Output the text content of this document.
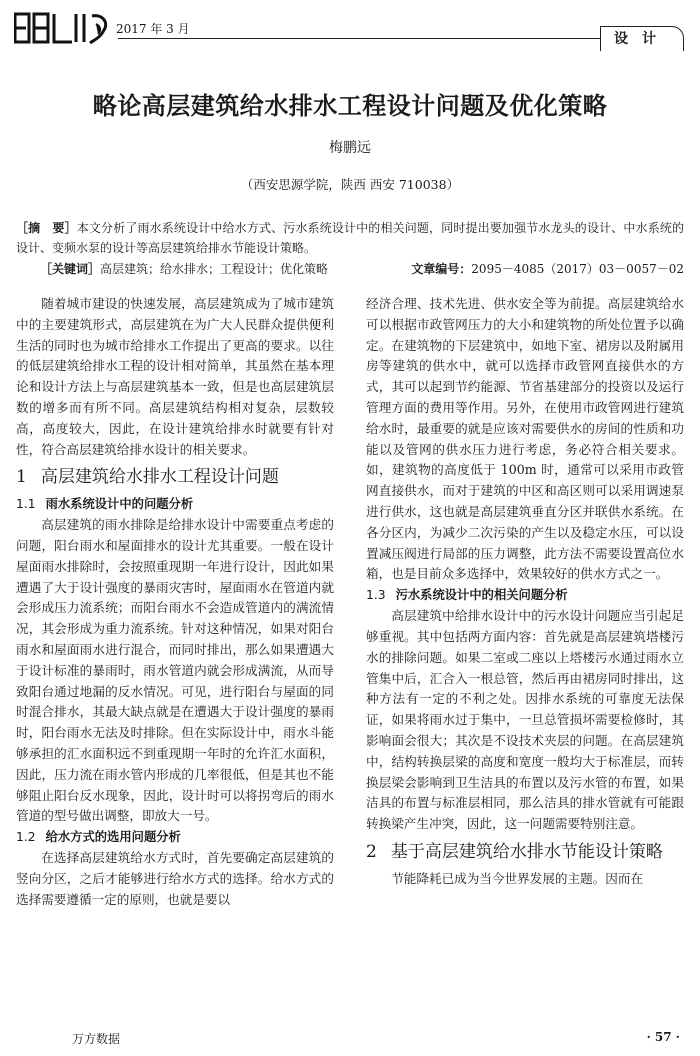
2017 年 3 月
设计
略论高层建筑给水排水工程设计问题及优化策略
梅鹏远
（西安思源学院，陕西 西安 710038）
［摘　要］本文分析了雨水系统设计中给水方式、污水系统设计中的相关问题，同时提出要加强节水龙头的设计、中水系统的设计、变频水泵的设计等高层建筑给排水节能设计策略。
［关键词］高层建筑；给水排水；工程设计；优化策略	文章编号：2095－4085（2017）03－0057－02

随着城市建设的快速发展，高层建筑成为了城市建筑中的主要建筑形式，高层建筑在为广大人民群众提供便利生活的同时也为城市给排水工作提出了更高的要求。以往的低层建筑给排水工程的设计相对简单，其虽然在基本理论和设计方法上与高层建筑基本一致，但是也高层建筑层数的增多而有所不同。高层建筑结构相对复杂，层数较高，高度较大，因此，在设计建筑给排水时就要有针对性，符合高层建筑给排水设计的相关要求。

1 高层建筑给水排水工程设计问题
1.1 雨水系统设计中的问题分析

高层建筑的雨水排除是给排水设计中需要重点考虑的问题，阳台雨水和屋面排水的设计尤其重要。一般在设计屋面雨水排除时，会按照重现期一年进行设计，因此如果遭遇了大于设计强度的暴雨灾害时，屋面雨水在管道内就会形成压力流系统；而阳台雨水不会造成管道内的满流情况，其会形成为重力流系统。针对这种情况，如果对阳台雨水和屋面雨水进行混合，而同时排出，那么如果遭遇大于设计标准的暴雨时，雨水管道内就会形成满流，从而导致阳台通过地漏的反水情况。可见，进行阳台与屋面的同时混合排水，其最大缺点就是在遭遇大于设计强度的暴雨时，阳台雨水无法及时排除。但在实际设计中，雨水斗能够承担的汇水面积远不到重现期一年时的允许汇水面积，因此，压力流在雨水管内形成的几率很低，但是其也不能够阻止阳台反水现象，因此，设计时可以将拐弯后的雨水管道的型号做出调整，即放大一号。

1.2 给水方式的选用问题分析

在选择高层建筑给水方式时，首先要确定高层建筑的竖向分区，之后才能够进行给水方式的选择。给水方式的选择需要遵循一定的原则，也就是要以

经济合理、技术先进、供水安全等为前提。高层建筑给水可以根据市政管网压力的大小和建筑物的所处位置予以确定。在建筑物的下层建筑中，如地下室、裙房以及附属用房等建筑的供水中，就可以选择市政管网直接供水的方式，其可以起到节约能源、节省基建部分的投资以及运行管理方面的费用等作用。另外，在使用市政管网进行建筑给水时，最重要的就是应该对需要供水的房间的性质和功能以及管网的供水压力进行考虑，务必符合相关要求。如，建筑物的高度低于 100m 时，通常可以采用市政管网直接供水，而对于建筑的中区和高区则可以采用调速泵进行供水，这也就是高层建筑垂直分区并联供水系统。在各分区内，为减少二次污染的产生以及稳定水压，可以设置减压阀进行局部的压力调整，此方法不需要设置高位水箱，也是目前众多选择中，效果较好的供水方式之一。

1.3 污水系统设计中的相关问题分析

高层建筑中给排水设计中的污水设计问题应当引起足够重视。其中包括两方面内容：首先就是高层建筑塔楼污水的排除问题。如果二室或二座以上塔楼污水通过雨水立管集中后，汇合入一根总管，然后再由裙房同时排出，这种方法有一定的不利之处。因排水系统的可靠度无法保证，如果将雨水过于集中，一旦总管损坏需要检修时，其影响面会很大；其次是不设技术夹层的问题。在高层建筑中，结构转换层梁的高度和宽度一般均大于标准层，而转换层梁会影响到卫生洁具的布置以及污水管的布置，如果洁具的布置与标准层相同，那么洁具的排水管就有可能跟转换梁产生冲突，因此，这一问题需要特别注意。

2 基于高层建筑给水排水节能设计策略

节能降耗已成为当今世界发展的主题。因而在

万方数据	· 57 ·
